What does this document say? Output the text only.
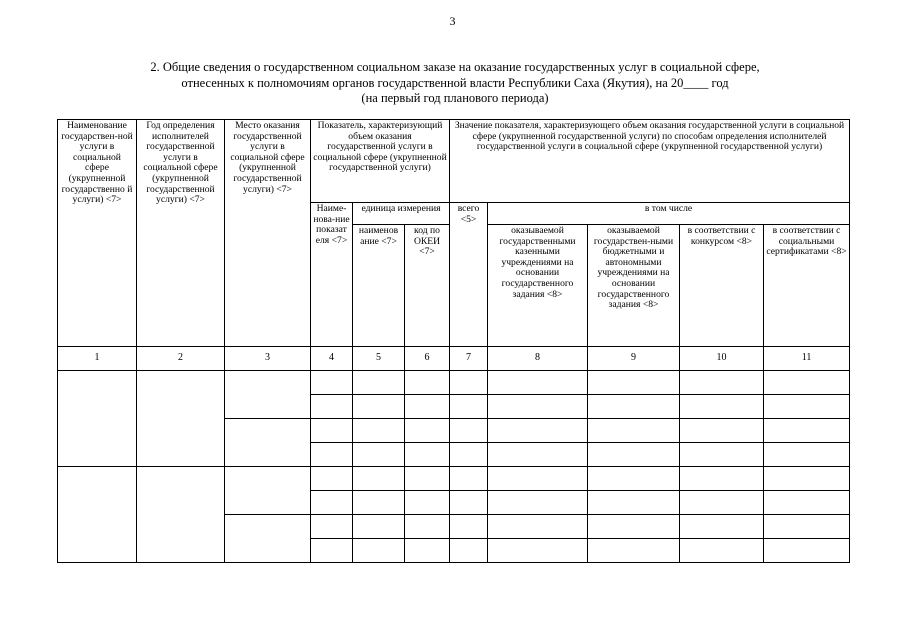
3
2. Общие сведения о государственном социальном заказе на оказание государственных услуг в социальной сфере,
отнесенных к полномочиям органов государственной власти Республики Саха (Якутия), на 20____ год
(на первый год планового периода)
Наименование государствен-ной услуги в социальной сфере (укрупненной государственно й услуги) <7>	Год определения исполнителей государственной услуги в социальной сфере (укрупненной государственной услуги) <7>	Место оказания государственной услуги в социальной сфере (укрупненной государственной услуги) <7>	Показатель, характеризующий объем оказания государственной услуги в социальной сфере (укрупненной государственной услуги)			Значение показателя, характеризующего объем оказания государственной услуги в социальной сфере (укрупненной государственной услуги) по способам определения исполнителей государственной услуги в социальной сфере (укрупненной государственной услуги)				
			Наиме-нова-ние показат еля <7>	единица измерения		всего <5>	в том числе			
				наименов ание <7>	код по ОКЕИ <7>		оказываемой государственными казенными учреждениями на основании государственного задания <8>	оказываемой государствен-ными бюджетными и автономными учреждениями на основании государственного задания <8>	в соответствии с конкурсом <8>	в соответствии с социальными сертификатами <8>
1	2	3	4	5	6	7	8	9	10	11
